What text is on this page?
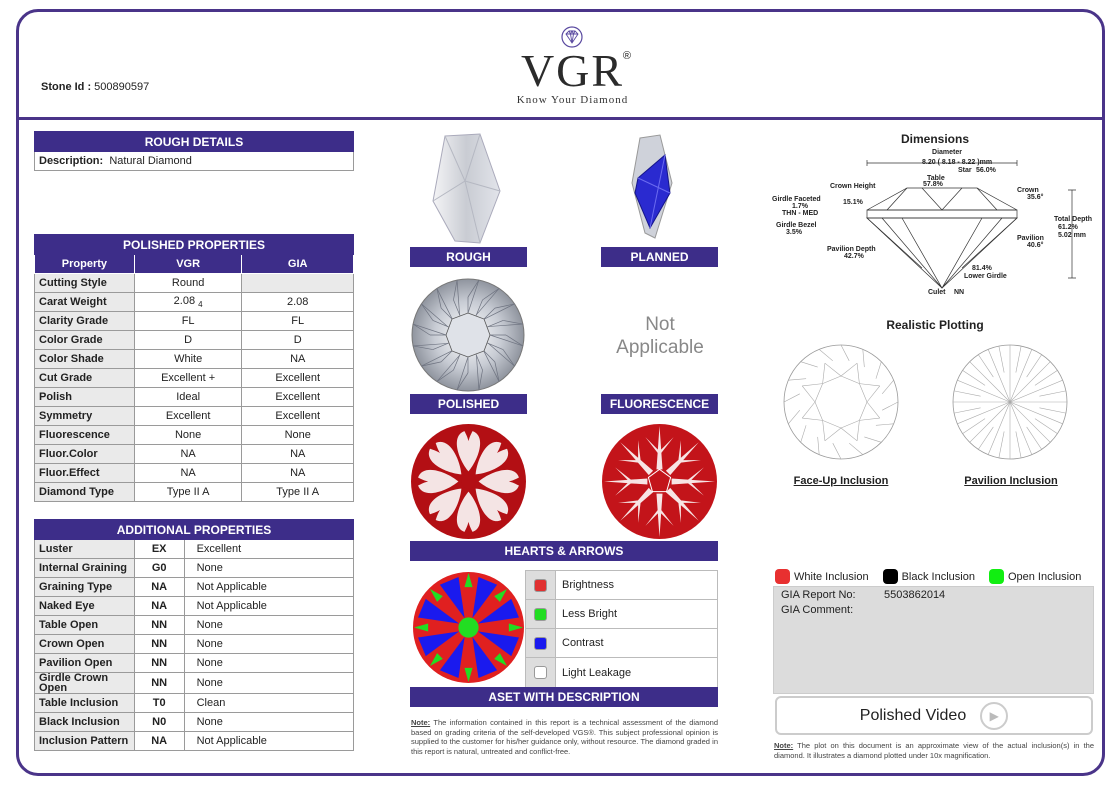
Stone Id : 500890597	VGR
®
Know Your Diamond
ROUGH DETAILS
Description: Natural Diamond
POLISHED PROPERTIES		
Property	VGR	GIA
Cutting Style	Round	
Carat Weight	2.08 $_4$	2.08
Clarity Grade	FL	FL
Color Grade	D	D
Color Shade	White	NA
Cut Grade	Excellent +	Excellent
Polish	Ideal	Excellent
Symmetry	Excellent	Excellent
Fluorescence	None	None
Fluor.Color	NA	NA
Fluor.Effect	NA	NA
Diamond Type	Type II A	Type II A
ADDITIONAL PROPERTIES		
Luster	EX	Excellent
Internal Graining	G0	None
Graining Type	NA	Not Applicable
Naked Eye	NA	Not Applicable
Table Open	NN	None
Crown Open	NN	None
Pavilion Open	NN	None
Girdle Crown Open	NN	None
Table Inclusion	T0	Clean
Black Inclusion	N0	None
Inclusion Pattern	NA	Not Applicable
ROUGH	PLANNED
POLISHED
Not Applicable
FLUORESCENCE
HEARTS & ARROWS
Brightness
Less Bright
Contrast
Light Leakage
ASET WITH DESCRIPTION
Note: The information contained in this report is a technical assessment of the diamond based on grading criteria of the self-developed VGS®. This subject professional opinion is supplied to the customer for his/her guidance only, without resource. The diamond graded in this report is natural, untreated and conflict-free.
Dimensions
Diameter
8.20 ( 8.18 - 8.22 )mm
Star 56.0%
Table
57.8%
Crown Height
15.1%
Crown
35.6°
Girdle Faceted
1.7%
THN - MED
Girdle Bezel
3.5%
Total Depth
61.2%
5.02 mm
Pavilion
40.6°
Pavilion Depth
42.7%
81.4%
Lower Girdle
Culet NN
Realistic Plotting
Face-Up Inclusion	Pavilion Inclusion
White Inclusion	Black Inclusion	Open Inclusion
GIA Report No:	5503862014
GIA Comment:
Polished Video	▶
Note: The plot on this document is an approximate view of the actual inclusion(s) in the diamond. It illustrates a diamond plotted under 10x magnification.
